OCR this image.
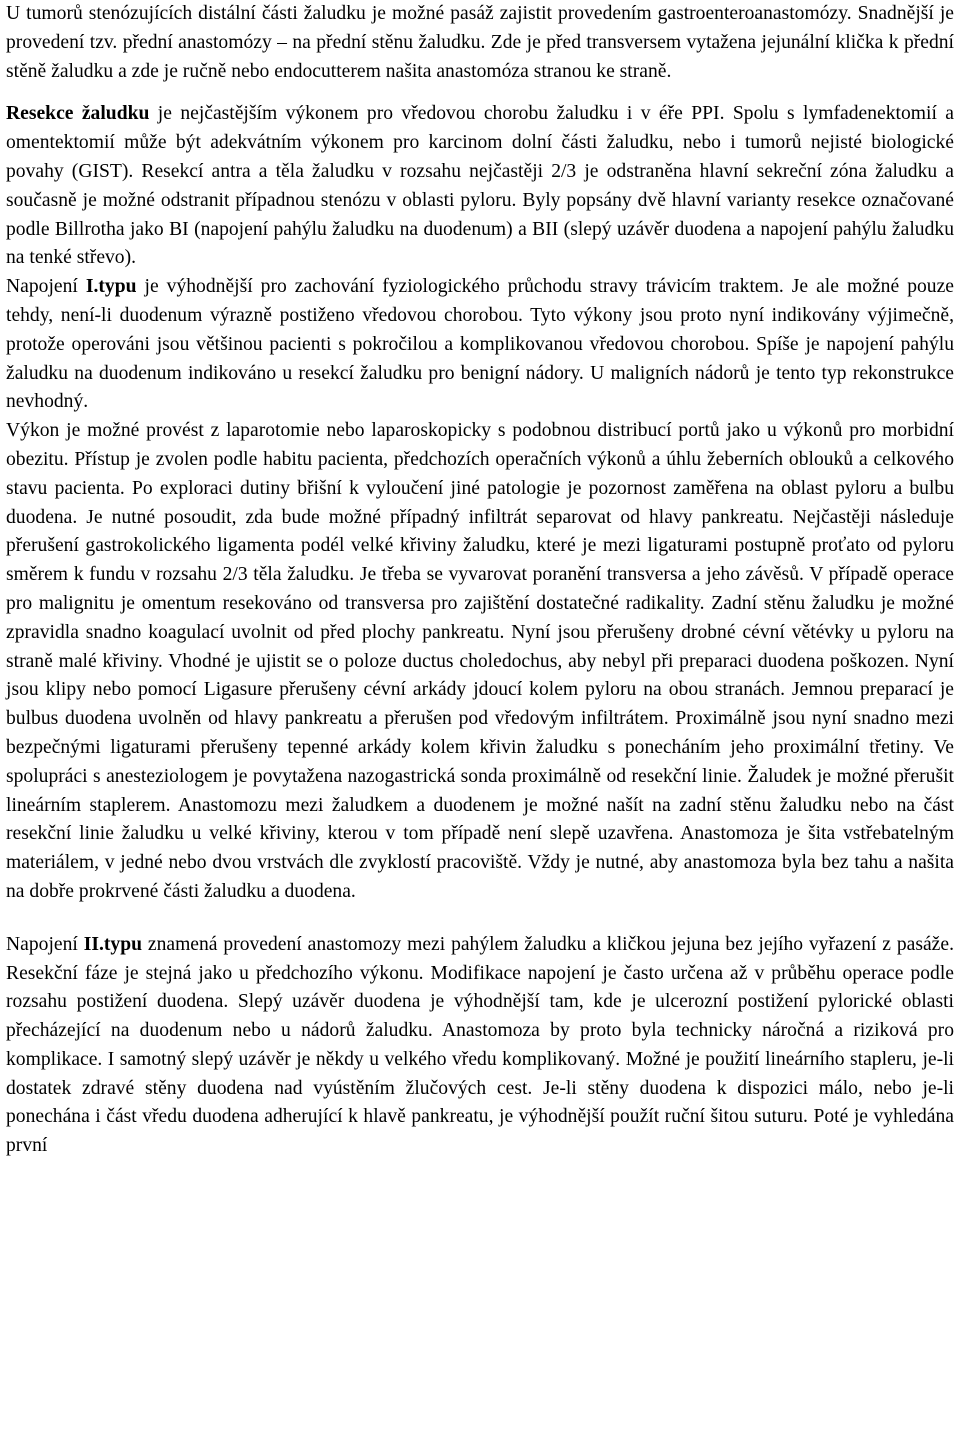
U tumorů stenózujících distální části žaludku je možné pasáž zajistit provedením gastroenteroanastomózy. Snadnější je provedení tzv. přední anastomózy – na přední stěnu žaludku. Zde je před transversem vytažena jejunální klička k přední stěně žaludku a zde je ručně nebo endocutterem našita anastomóza stranou ke straně.

Resekce žaludku je nejčastějším výkonem pro vředovou chorobu žaludku i v éře PPI. Spolu s lymfadenektomií a omentektomií může být adekvátním výkonem pro karcinom dolní části žaludku, nebo i tumorů nejisté biologické povahy (GIST). Resekcí antra a těla žaludku v rozsahu nejčastěji 2/3 je odstraněna hlavní sekreční zóna žaludku a současně je možné odstranit případnou stenózu v oblasti pyloru. Byly popsány dvě hlavní varianty resekce označované podle Billrotha jako BI (napojení pahýlu žaludku na duodenum) a BII (slepý uzávěr duodena a napojení pahýlu žaludku na tenké střevo).

Napojení I.typu je výhodnější pro zachování fyziologického průchodu stravy trávicím traktem. Je ale možné pouze tehdy, není-li duodenum výrazně postiženo vředovou chorobou. Tyto výkony jsou proto nyní indikovány výjimečně, protože operováni jsou většinou pacienti s pokročilou a komplikovanou vředovou chorobou. Spíše je napojení pahýlu žaludku na duodenum indikováno u resekcí žaludku pro benigní nádory. U maligních nádorů je tento typ rekonstrukce nevhodný.

Výkon je možné provést z laparotomie nebo laparoskopicky s podobnou distribucí portů jako u výkonů pro morbidní obezitu. Přístup je zvolen podle habitu pacienta, předchozích operačních výkonů a úhlu žeberních oblouků a celkového stavu pacienta. Po exploraci dutiny břišní k vyloučení jiné patologie je pozornost zaměřena na oblast pyloru a bulbu duodena. Je nutné posoudit, zda bude možné případný infiltrát separovat od hlavy pankreatu. Nejčastěji následuje přerušení gastrokolického ligamenta podél velké křiviny žaludku, které je mezi ligaturami postupně proťato od pyloru směrem k fundu v rozsahu 2/3 těla žaludku. Je třeba se vyvarovat poranění transversa a jeho závěsů. V případě operace pro malignitu je omentum resekováno od transversa pro zajištění dostatečné radikality. Zadní stěnu žaludku je možné zpravidla snadno koagulací uvolnit od před plochy pankreatu. Nyní jsou přerušeny drobné cévní větévky u pyloru na straně malé křiviny. Vhodné je ujistit se o poloze ductus choledochus, aby nebyl při preparaci duodena poškozen. Nyní jsou klipy nebo pomocí Ligasure přerušeny cévní arkády jdoucí kolem pyloru na obou stranách. Jemnou preparací je bulbus duodena uvolněn od hlavy pankreatu a přerušen pod vředovým infiltrátem. Proximálně jsou nyní snadno mezi bezpečnými ligaturami přerušeny tepenné arkády kolem křivin žaludku s ponecháním jeho proximální třetiny. Ve spolupráci s anesteziologem je povytažena nazogastrická sonda proximálně od resekční linie. Žaludek je možné přerušit lineárním staplerem. Anastomozu mezi žaludkem a duodenem je možné našít na zadní stěnu žaludku nebo na část resekční linie žaludku u velké křiviny, kterou v tom případě není slepě uzavřena. Anastomoza je šita vstřebatelným materiálem, v jedné nebo dvou vrstvách dle zvyklostí pracoviště. Vždy je nutné, aby anastomoza byla bez tahu a našita na dobře prokrvené části žaludku a duodena.

Napojení II.typu znamená provedení anastomozy mezi pahýlem žaludku a kličkou jejuna bez jejího vyřazení z pasáže. Resekční fáze je stejná jako u předchozího výkonu. Modifikace napojení je často určena až v průběhu operace podle rozsahu postižení duodena. Slepý uzávěr duodena je výhodnější tam, kde je ulcerozní postižení pylorické oblasti přecházející na duodenum nebo u nádorů žaludku. Anastomoza by proto byla technicky náročná a riziková pro komplikace. I samotný slepý uzávěr je někdy u velkého vředu komplikovaný. Možné je použití lineárního stapleru, je-li dostatek zdravé stěny duodena nad vyústěním žlučových cest. Je-li stěny duodena k dispozici málo, nebo je-li ponechána i část vředu duodena adherující k hlavě pankreatu, je výhodnější použít ruční šitou suturu. Poté je vyhledána první
